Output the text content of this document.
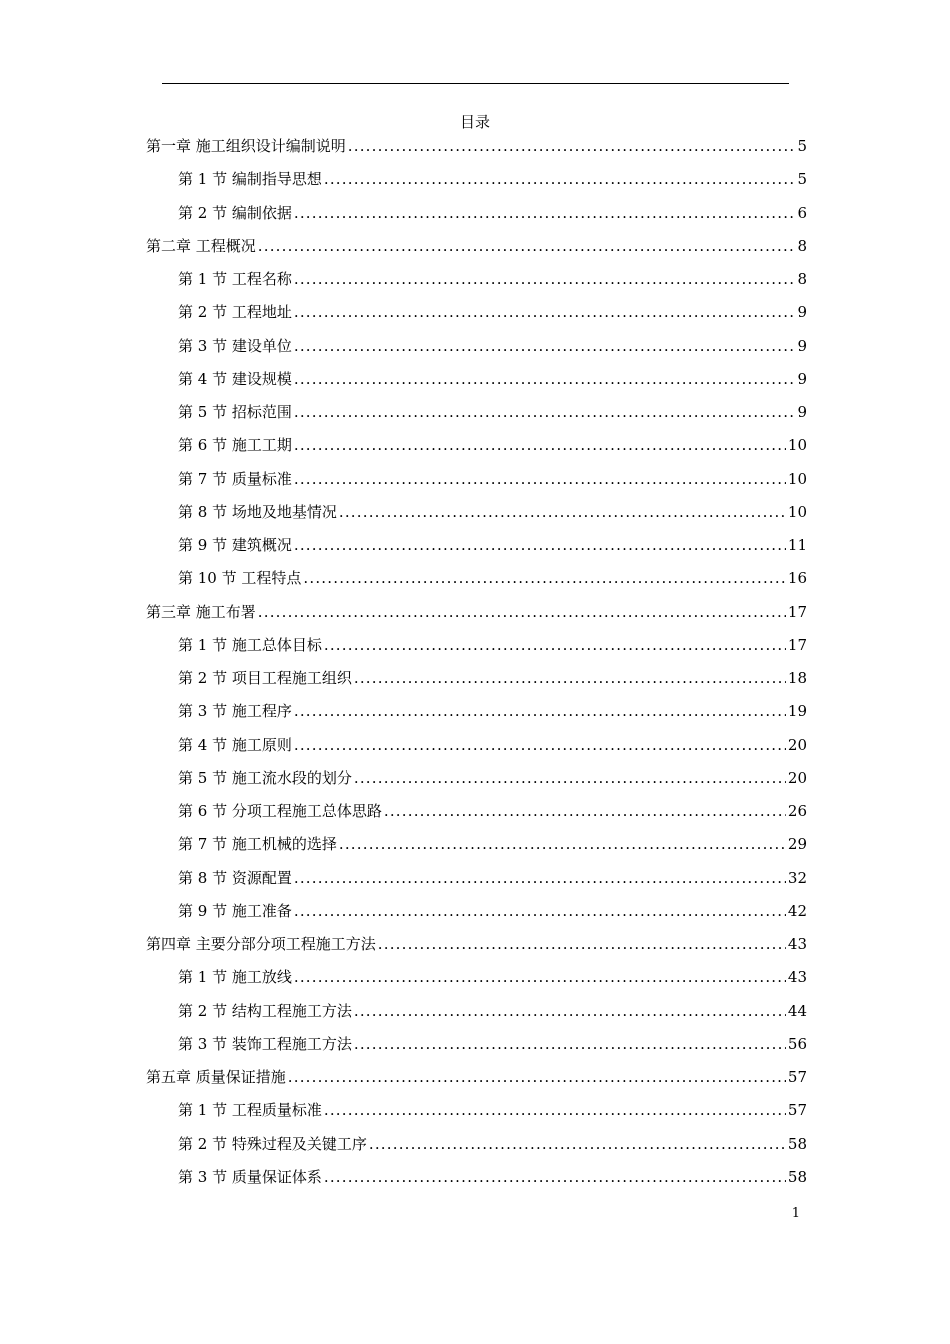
目录
第一章 施工组织设计编制说明 .....	5
第 1 节 编制指导思想 .....	5
第 2 节 编制依据 .....	6
第二章 工程概况 .....	8
第 1 节 工程名称 .....	8
第 2 节 工程地址 .....	9
第 3 节 建设单位 .....	9
第 4 节 建设规模 .....	9
第 5 节 招标范围 .....	9
第 6 节 施工工期 .....	10
第 7 节 质量标准 .....	10
第 8 节 场地及地基情况 .....	10
第 9 节 建筑概况 .....	11
第 10 节 工程特点 .....	16
第三章 施工布署 .....	17
第 1 节 施工总体目标 .....	17
第 2 节 项目工程施工组织 .....	18
第 3 节 施工程序 .....	19
第 4 节 施工原则 .....	20
第 5 节 施工流水段的划分 .....	20
第 6 节 分项工程施工总体思路 .....	26
第 7 节 施工机械的选择 .....	29
第 8 节 资源配置 .....	32
第 9 节 施工准备 .....	42
第四章 主要分部分项工程施工方法 .....	43
第 1 节 施工放线 .....	43
第 2 节 结构工程施工方法 .....	44
第 3 节 装饰工程施工方法 .....	56
第五章 质量保证措施 .....	57
第 1 节 工程质量标准 .....	57
第 2 节 特殊过程及关键工序 .....	58
第 3 节 质量保证体系 .....	58
1
